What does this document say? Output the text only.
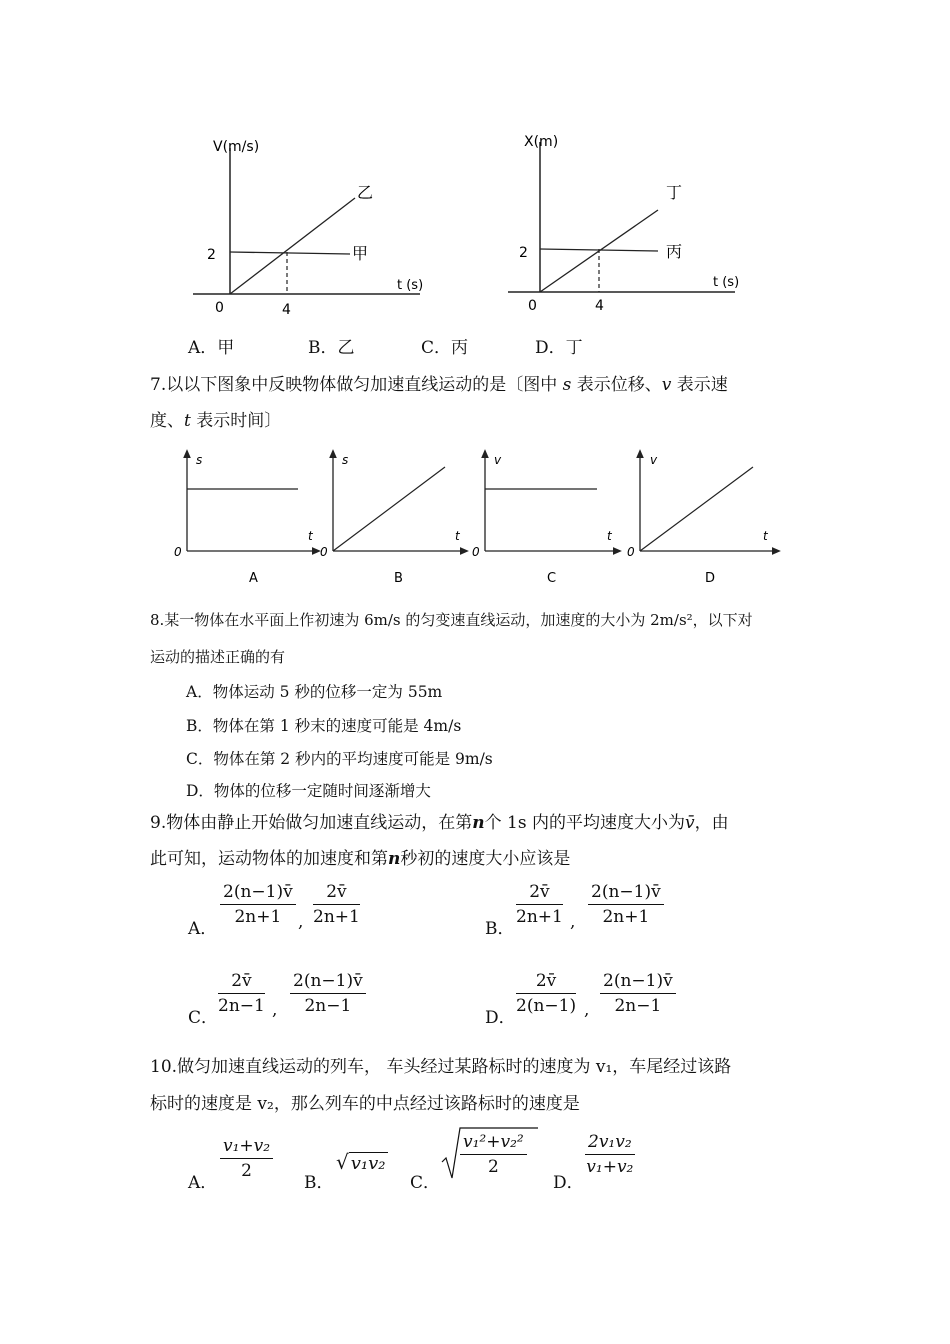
V(m/s)
t (s)
0	4
2
乙
甲
X(m)
t (s)
0	4
2
丁
丙
A．甲	B．乙	C．丙	D．丁
7.以以下图象中反映物体做匀加速直线运动的是〔图中 s 表示位移、v 表示速
度、t 表示时间〕
s
t
0
A
s
t
0
B
v
t
0
C
v
t
0
D
8.某一物体在水平面上作初速为 6m/s 的匀变速直线运动，加速度的大小为 2m/s²，以下对
运动的描述正确的有
A．物体运动 5 秒的位移一定为 55m
B．物体在第 1 秒末的速度可能是 4m/s
C．物体在第 2 秒内的平均速度可能是 9m/s
D．物体的位移一定随时间逐渐增大
9.物体由静止开始做匀加速直线运动，在第n个 1s 内的平均速度大小为v̄，由
此可知，运动物体的加速度和第n秒初的速度大小应该是
A． $\frac{2(n-1)v̄}{2n+1}$ , $\frac{2v̄}{2n+1}$	B． $\frac{2v̄}{2n+1}$ , $\frac{2(n-1)v̄}{2n+1}$
C． $\frac{2v̄}{2n-1}$ , $\frac{2(n-1)v̄}{2n-1}$	D． $\frac{2v̄}{2(n-1)}$ , $\frac{2(n-1)v̄}{2n-1}$
10.做匀加速直线运动的列车， 车头经过某路标时的速度为 v₁，车尾经过该路
标时的速度是 v₂，那么列车的中点经过该路标时的速度是
A． $\frac{\text{v₁+v₂}}{2}$ B．
√ v₁v₂
C．
$\frac{\text{v₁²+v₂²}}{2}$
D．
$\frac{\text{2v₁v₂}}{\text{v₁+v₂}}$
